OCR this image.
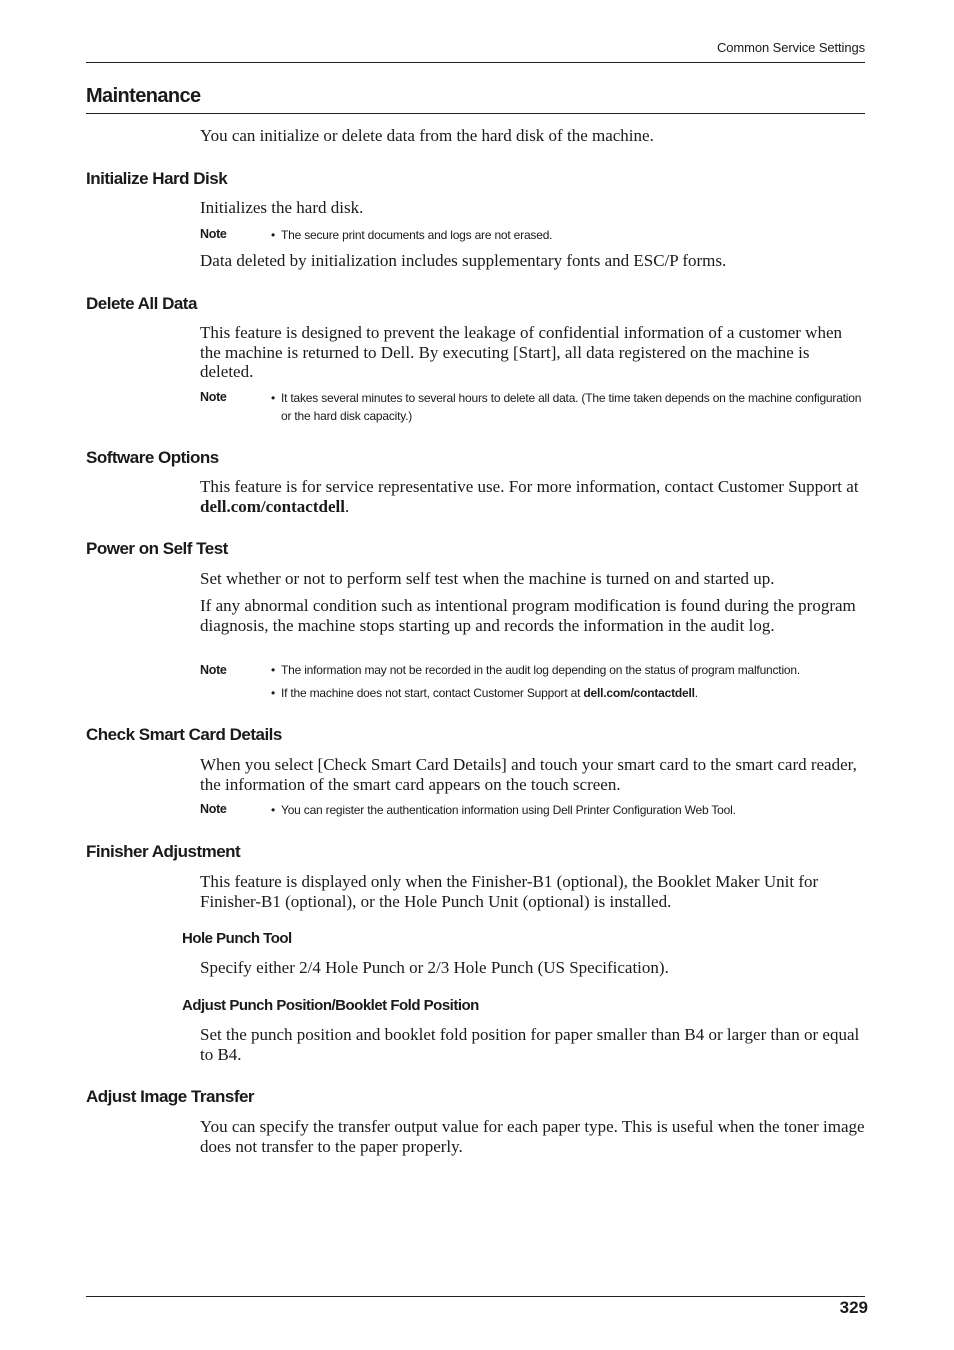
Common Service Settings
Maintenance

You can initialize or delete data from the hard disk of the machine.

Initialize Hard Disk

Initializes the hard disk.

Note	• The secure print documents and logs are not erased.

Data deleted by initialization includes supplementary fonts and ESC/P forms.

Delete All Data

This feature is designed to prevent the leakage of confidential information of a customer when the machine is returned to Dell. By executing [Start], all data registered on the machine is deleted.

Note	• It takes several minutes to several hours to delete all data. (The time taken depends on the machine configuration or the hard disk capacity.)
Software Options

This feature is for service representative use. For more information, contact Customer Support at dell.com/contactdell.

Power on Self Test

Set whether or not to perform self test when the machine is turned on and started up.

If any abnormal condition such as intentional program modification is found during the program diagnosis, the machine stops starting up and records the information in the audit log.

Note	• The information may not be recorded in the audit log depending on the status of program malfunction.
• If the machine does not start, contact Customer Support at dell.com/contactdell.
Check Smart Card Details

When you select [Check Smart Card Details] and touch your smart card to the smart card reader, the information of the smart card appears on the touch screen.

Note	• You can register the authentication information using Dell Printer Configuration Web Tool.
Finisher Adjustment

This feature is displayed only when the Finisher-B1 (optional), the Booklet Maker Unit for Finisher-B1 (optional), or the Hole Punch Unit (optional) is installed.

Hole Punch Tool

Specify either 2/4 Hole Punch or 2/3 Hole Punch (US Specification).

Adjust Punch Position/Booklet Fold Position

Set the punch position and booklet fold position for paper smaller than B4 or larger than or equal to B4.

Adjust Image Transfer

You can specify the transfer output value for each paper type. This is useful when the toner image does not transfer to the paper properly.

329
